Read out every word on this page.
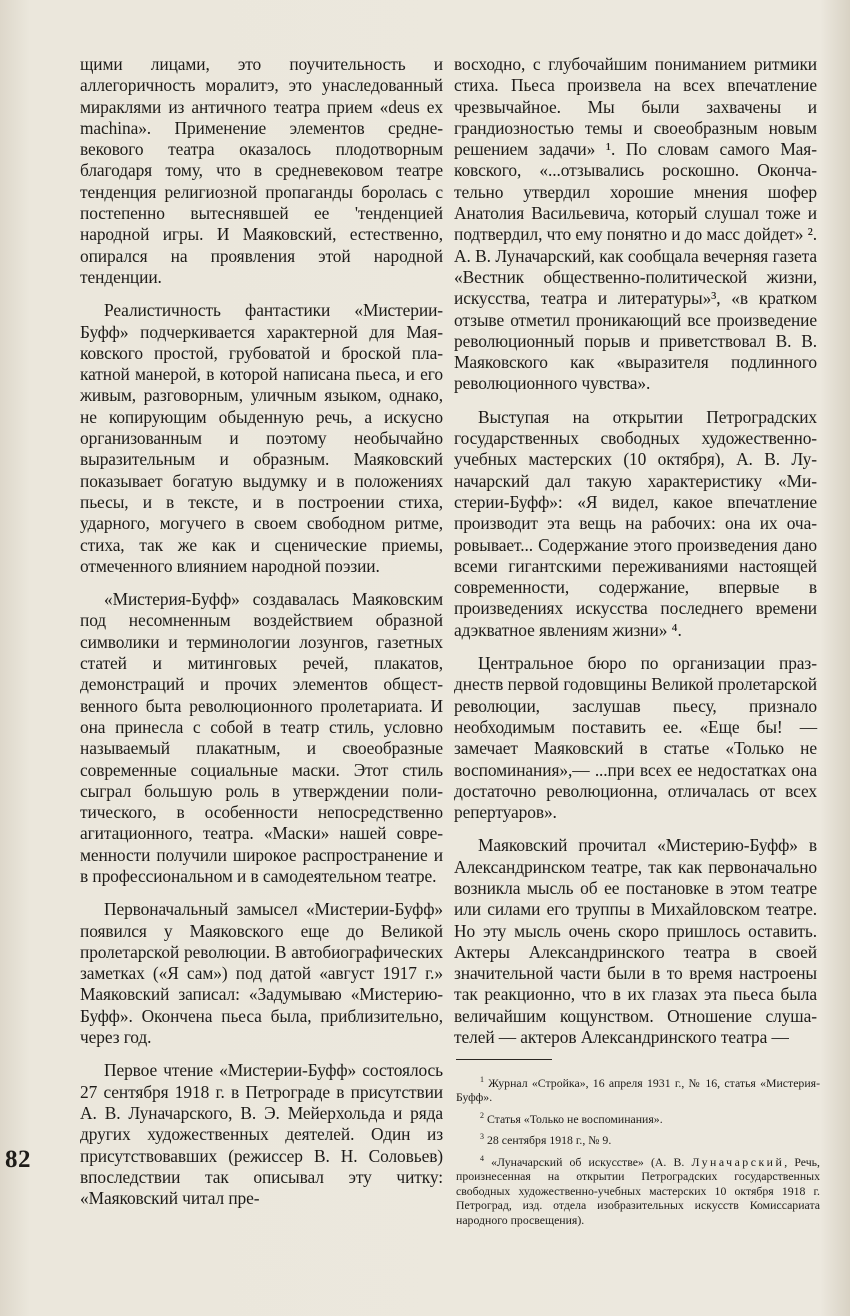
щими лицами, это поучительность и аллегоричность моралитэ, это унаследованный мираклями из античного театра прием «deus ex machina». Применение элементов средневекового театра оказалось плодотворным благодаря тому, что в средневековом театре тенденция религиозной пропаганды боролась с постепенно вытеснявшей ее 'тенденцией народной игры. И Маяковский, естественно, опирался на проявления этой народной тенденции.

Реалистичность фантастики «Мистерии-Буфф» подчеркивается характерной для Маяковского простой, грубоватой и броской плакатной манерой, в которой написана пьеса, и его живым, разговорным, уличным языком, однако, не копирующим обыденную речь, а искусно организованным и поэтому необычайно выразительным и образным. Маяковский показывает богатую выдумку и в положениях пьесы, и в тексте, и в построении стиха, ударного, могучего в своем свободном ритме, стиха, так же как и сценические приемы, отмеченного влиянием народной поэзии.

«Мистерия-Буфф» создавалась Маяковским под несомненным воздействием образной символики и терминологии лозунгов, газетных статей и митинговых речей, плакатов, демонстраций и прочих элементов общественного быта революционного пролетариата. И она принесла с собой в театр стиль, условно называемый плакатным, и своеобразные современные социальные маски. Этот стиль сыграл большую роль в утверждении политического, в особенности непосредственно агитационного, театра. «Маски» нашей современности получили широкое распространение и в профессиональном и в самодеятельном театре.

Первоначальный замысел «Мистерии-Буфф» появился у Маяковского еще до Великой пролетарской революции. В автобиографических заметках («Я сам») под датой «август 1917 г.» Маяковский записал: «Задумываю «Мистерию-Буфф». Окончена пьеса была, приблизительно, через год.

Первое чтение «Мистерии-Буфф» состоялось 27 сентября 1918 г. в Петрограде в присутствии А. В. Луначарского, В. Э. Мейерхольда и ряда других художественных деятелей. Один из присутствовавших (режиссер В. Н. Соловьев) впоследствии так описывал эту читку: «Маяковский читал пре-

восходно, с глубочайшим пониманием ритмики стиха. Пьеса произвела на всех впечатление чрезвычайное. Мы были захвачены и грандиозностью темы и своеобразным новым решением задачи» ¹. По словам самого Маяковского, «...отзывались роскошно. Окончательно утвердил хорошие мнения шофер Анатолия Васильевича, который слушал тоже и подтвердил, что ему понятно и до масс дойдет» ². А. В. Луначарский, как сообщала вечерняя газета «Вестник общественно-политической жизни, искусства, театра и литературы»³, «в кратком отзыве отметил проникающий все произведение революционный порыв и приветствовал В. В. Маяковского как «выразителя подлинного революционного чувства».

Выступая на открытии Петроградских государственных свободных художественно-учебных мастерских (10 октября), А. В. Луначарский дал такую характеристику «Мистерии-Буфф»: «Я видел, какое впечатление производит эта вещь на рабочих: она их очаровывает... Содержание этого произведения дано всеми гигантскими переживаниями настоящей современности, содержание, впервые в произведениях искусства последнего времени адэкватное явлениям жизни» ⁴.

Центральное бюро по организации празднеств первой годовщины Великой пролетарской революции, заслушав пьесу, признало необходимым поставить ее. «Еще бы! — замечает Маяковский в статье «Только не воспоминания»,— ...при всех ее недостатках она достаточно революционна, отличалась от всех репертуаров».

Маяковский прочитал «Мистерию-Буфф» в Александринском театре, так как первоначально возникла мысль об ее постановке в этом театре или силами его труппы в Михайловском театре. Но эту мысль очень скоро пришлось оставить. Актеры Александринского театра в своей значительной части были в то время настроены так реакционно, что в их глазах эта пьеса была величайшим кощунством. Отношение слушателей — актеров Александринского театра —

$^1$ Журнал «Стройка», 16 апреля 1931 г., № 16, статья «Мистерия-Буфф».

$^2$ Статья «Только не воспоминания».

$^3$ 28 сентября 1918 г., № 9.

$^4$ «Луначарский об искусстве» (А. В. Луначарский, Речь, произнесенная на открытии Петроградских государственных свободных художественно-учебных мастерских 10 октября 1918 г. Петроград, изд. отдела изобразительных искусств Комиссариата народного просвещения).

82
